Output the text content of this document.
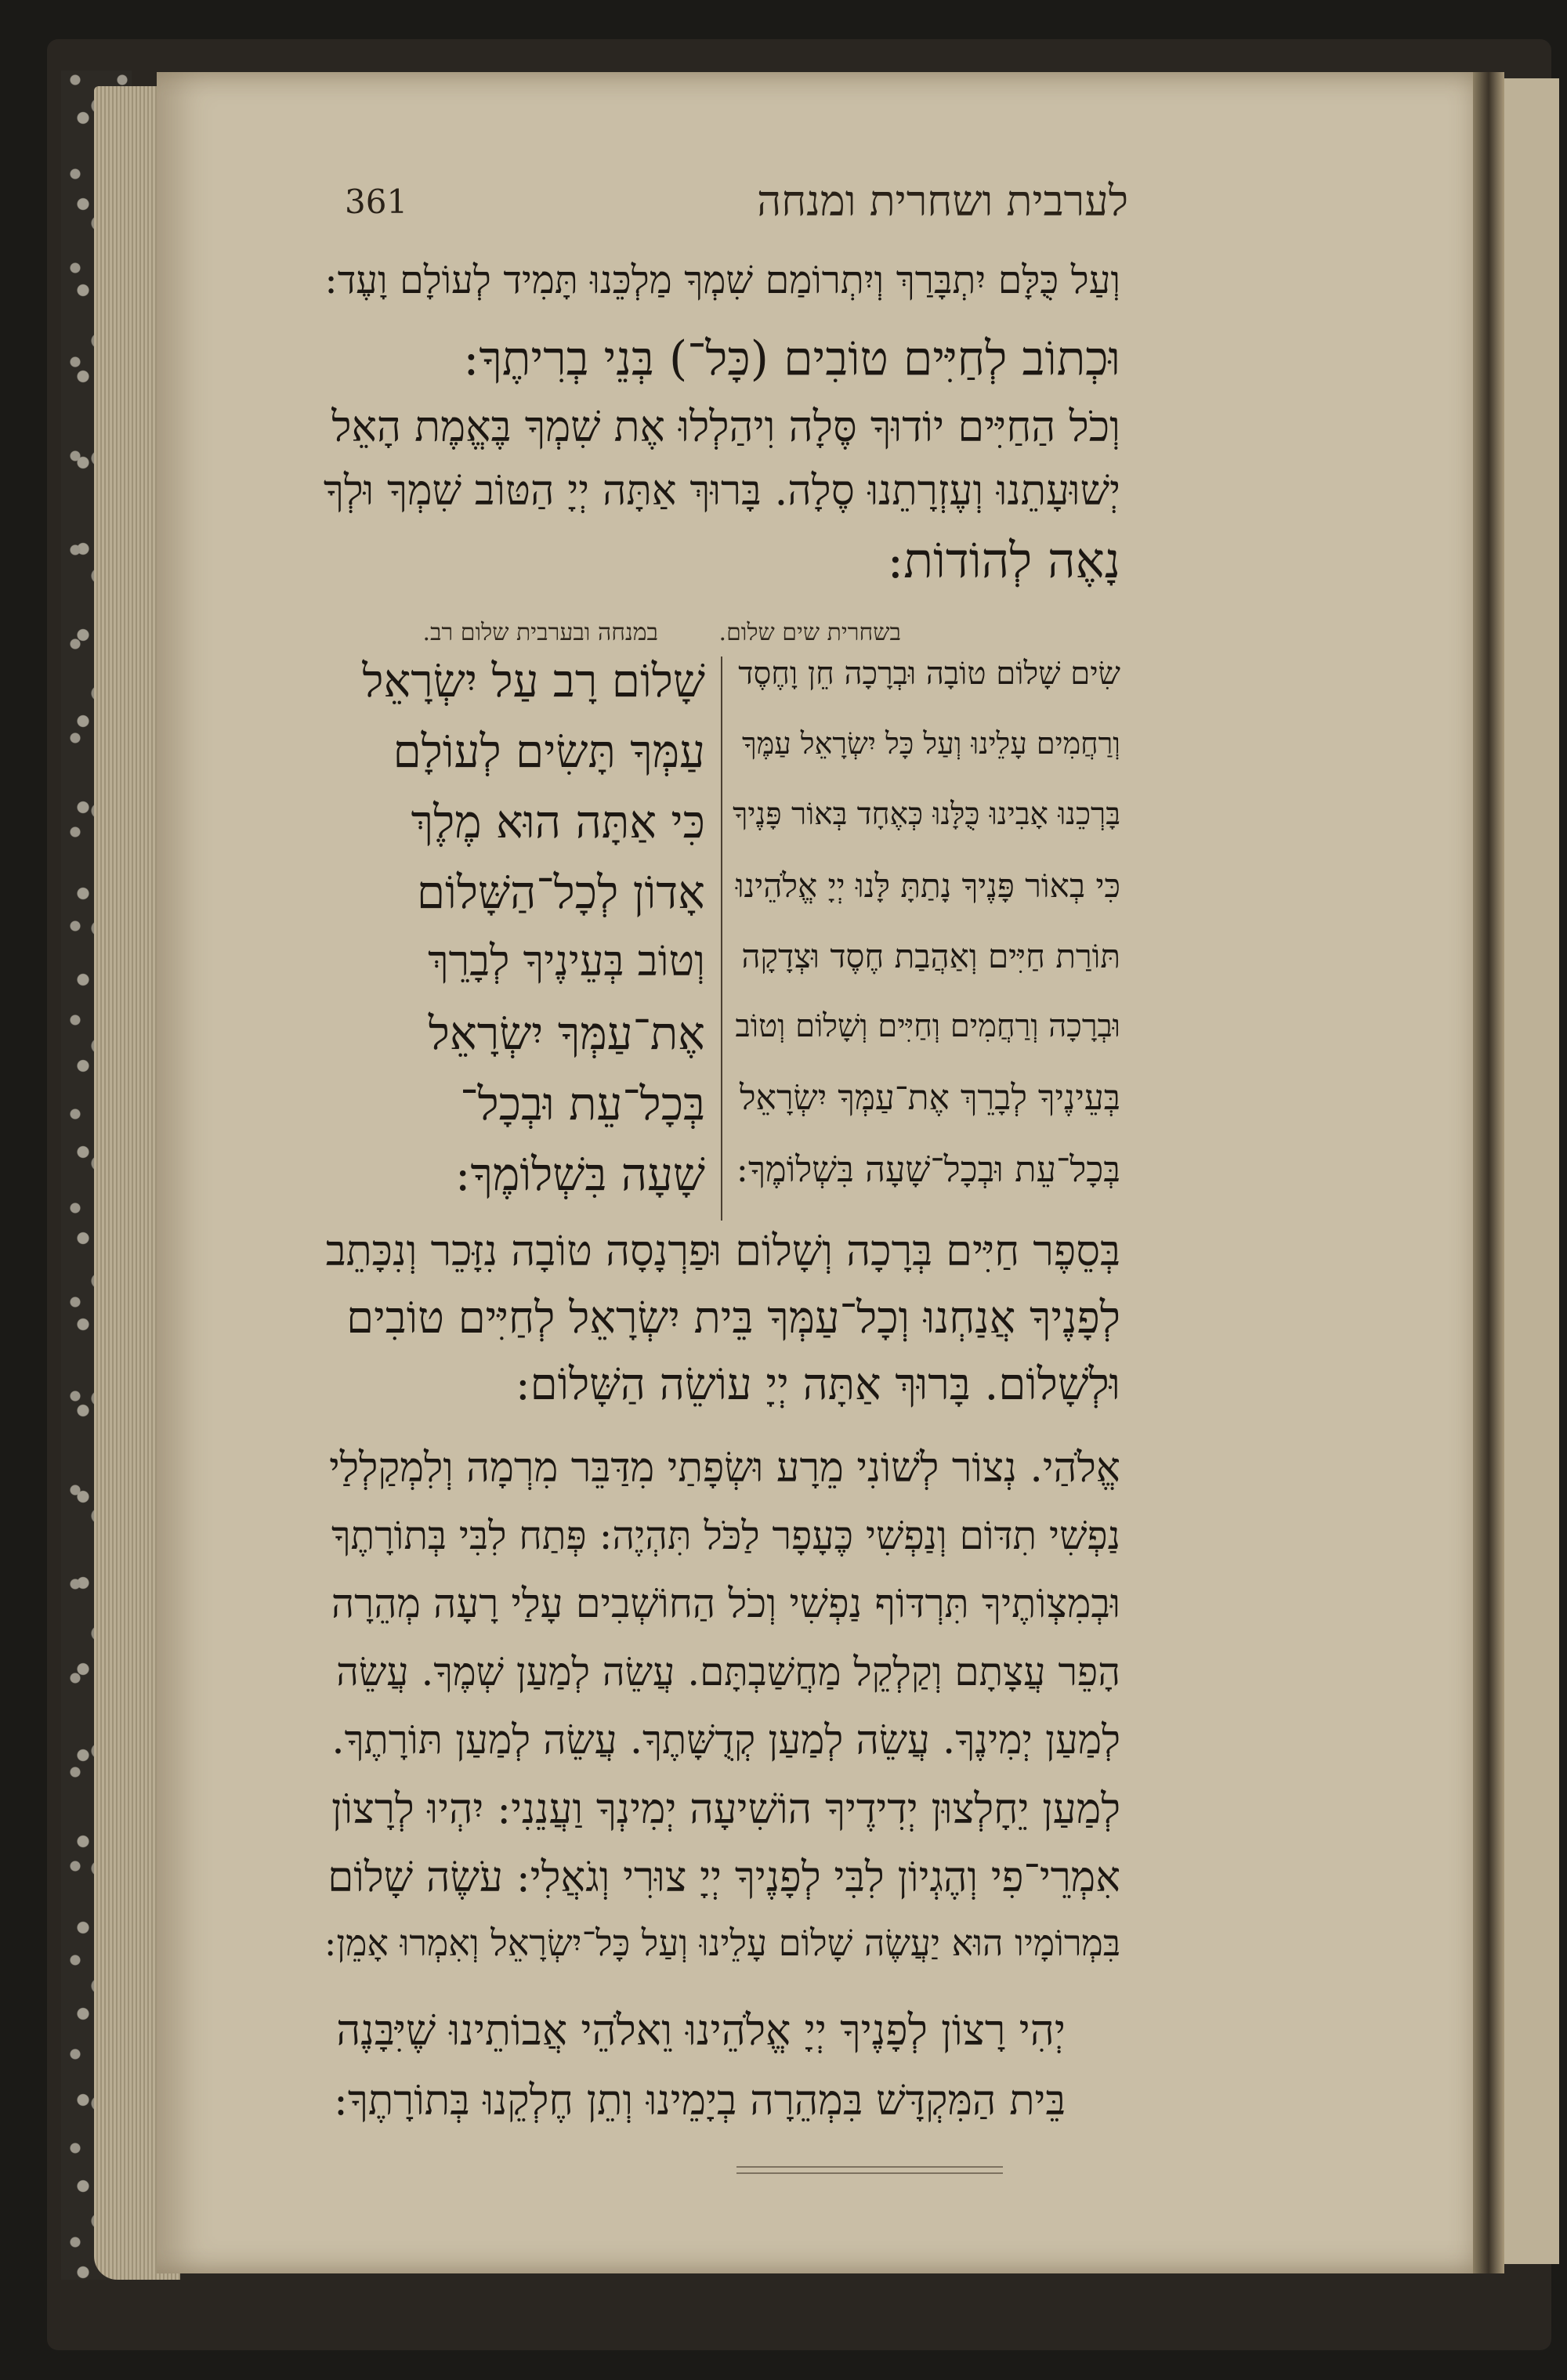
361	לערבית ושחרית ומנחה
וְעַל כֻּלָּם יִתְבָּרַךְ וְיִתְרוֹמַם שִׁמְךָ מַלְכֵּנוּ תָּמִיד לְעוֹלָם וָעֶד:
וּכְתוֹב לְחַיִּים טוֹבִים (כָּל־) בְּנֵי בְרִיתֶךָ:
וְכֹל הַחַיִּים יוֹדוּךָ סֶּלָה וִיהַלְלוּ אֶת שִׁמְךָ בֶּאֱמֶת הָאֵל
יְשׁוּעָתֵנוּ וְעֶזְרָתֵנוּ סֶלָה. בָּרוּךְ אַתָּה יְיָ הַטּוֹב שִׁמְךָ וּלְךָ
נָאֶה לְהוֹדוֹת:
בשחרית שים שלום.
במנחה ובערבית שלום רב.
שִׂים שָׁלוֹם טוֹבָה וּבְרָכָה חֵן וָחֶסֶד
וְרַחֲמִים עָלֵינוּ וְעַל כָּל יִשְׂרָאֵל עַמֶּךָ
בָּרְכֵנוּ אָבִינוּ כֻּלָּנוּ כְּאֶחָד בְּאוֹר פָּנֶיךָ
כִּי בְאוֹר פָּנֶיךָ נָתַתָּ לָּנוּ יְיָ אֱלֹהֵינוּ
תּוֹרַת חַיִּים וְאַהֲבַת חֶסֶד וּצְדָקָה
וּבְרָכָה וְרַחֲמִים וְחַיִּים וְשָׁלוֹם וְטוֹב
בְּעֵינֶיךָ לְבָרֵךְ אֶת־עַמְּךָ יִשְׂרָאֵל
בְּכָל־עֵת וּבְכָל־שָׁעָה בִּשְׁלוֹמֶךָ:
שָׁלוֹם רָב עַל יִשְׂרָאֵל
עַמְּךָ תָּשִׂים לְעוֹלָם
כִּי אַתָּה הוּא מֶלֶךְ
אָדוֹן לְכָל־הַשָּׁלוֹם
וְטוֹב בְּעֵינֶיךָ לְבָרֵךְ
אֶת־עַמְּךָ יִשְׂרָאֵל
בְּכָל־עֵת וּבְכָל־
שָׁעָה בִּשְׁלוֹמֶךָ:
בְּסֵפֶר חַיִּים בְּרָכָה וְשָׁלוֹם וּפַרְנָסָה טוֹבָה נִזָּכֵר וְנִכָּתֵב
לְפָנֶיךָ אֲנַחְנוּ וְכָל־עַמְּךָ בֵּית יִשְׂרָאֵל לְחַיִּים טוֹבִים
וּלְשָׁלוֹם. בָּרוּךְ אַתָּה יְיָ עוֹשֵׂה הַשָּׁלוֹם:
אֱלֹהַי. נְצוֹר לְשׁוֹנִי מֵרָע וּשְׂפָתַי מִדַּבֵּר מִרְמָה וְלִמְקַלְלַי
נַפְשִׁי תִדּוֹם וְנַפְשִׁי כֶּעָפָר לַכֹּל תִּהְיֶה: פְּתַח לִבִּי בְּתוֹרָתֶךָ
וּבְמִצְוֹתֶיךָ תִּרְדּוֹף נַפְשִׁי וְכֹל הַחוֹשְׁבִים עָלַי רָעָה מְהֵרָה
הָפֵר עֲצָתָם וְקַלְקֵל מַחֲשַׁבְתָּם. עֲשֵׂה לְמַעַן שְׁמֶךָ. עֲשֵׂה
לְמַעַן יְמִינֶךָ. עֲשֵׂה לְמַעַן קְדֻשָּׁתֶךָ. עֲשֵׂה לְמַעַן תּוֹרָתֶךָ.
לְמַעַן יֵחָלְצוּן יְדִידֶיךָ הוֹשִׁיעָה יְמִינְךָ וַעֲנֵנִי: יִהְיוּ לְרָצוֹן
אִמְרֵי־פִי וְהֶגְיוֹן לִבִּי לְפָנֶיךָ יְיָ צוּרִי וְגֹאֲלִי: עֹשֶׂה שָׁלוֹם
בִּמְרוֹמָיו הוּא יַעֲשֶׂה שָׁלוֹם עָלֵינוּ וְעַל כָּל־יִשְׂרָאֵל וְאִמְרוּ אָמֵן:
יְהִי רָצוֹן לְפָנֶיךָ יְיָ אֱלֹהֵינוּ וֵאלֹהֵי אֲבוֹתֵינוּ שֶׁיִּבָּנֶה
בֵּית הַמִּקְדָּשׁ בִּמְהֵרָה בְיָמֵינוּ וְתֵן חֶלְקֵנוּ בְּתוֹרָתֶךָ:
